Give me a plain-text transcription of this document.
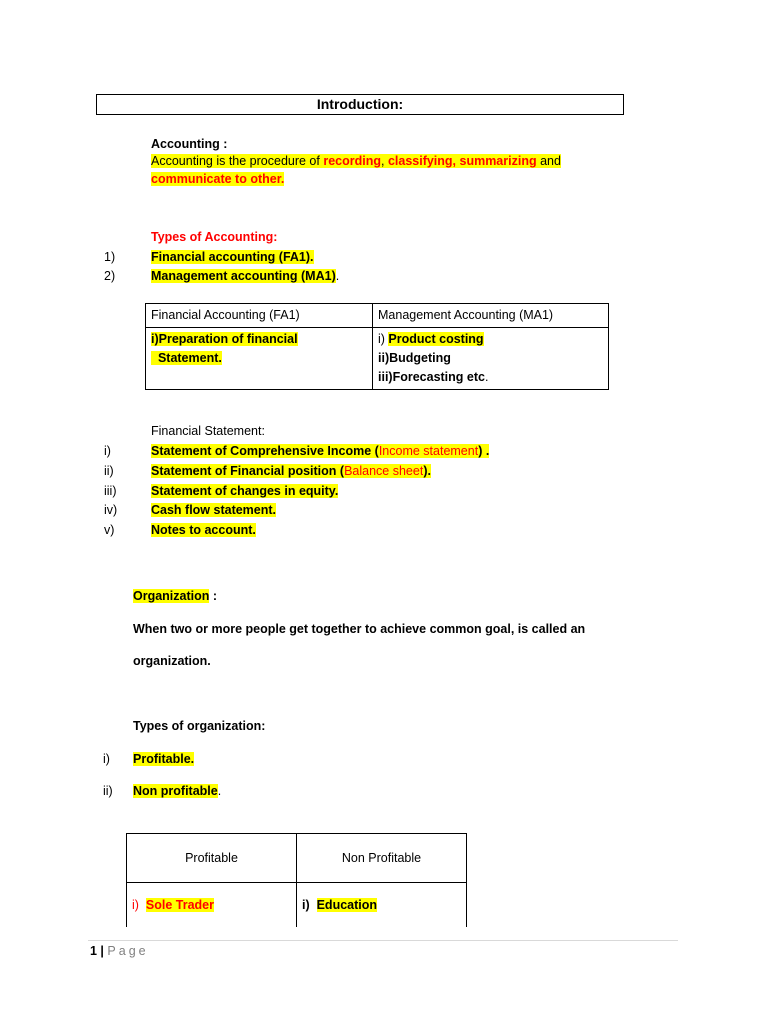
Introduction:
Accounting :
Accounting is the procedure of recording, classifying, summarizing and
communicate to other.
Types of Accounting:
1)	Financial accounting (FA1).
2)	Management accounting (MA1).
Financial Accounting (FA1)	Management Accounting (MA1)
i)Preparation of financial
Statement.	i) Product costing
ii)Budgeting
iii)Forecasting etc.
Financial Statement:
i)	Statement of Comprehensive Income (Income statement) .
ii)	Statement of Financial position (Balance sheet).
iii)	Statement of changes in equity.
iv)	Cash flow statement.
v)	Notes to account.
Organization :
When two or more people get together to achieve common goal, is called an
organization.
Types of organization:
i) Profitable.
ii) Non profitable.
Profitable	Non Profitable
i) Sole Trader	i) Education
1 | Page
